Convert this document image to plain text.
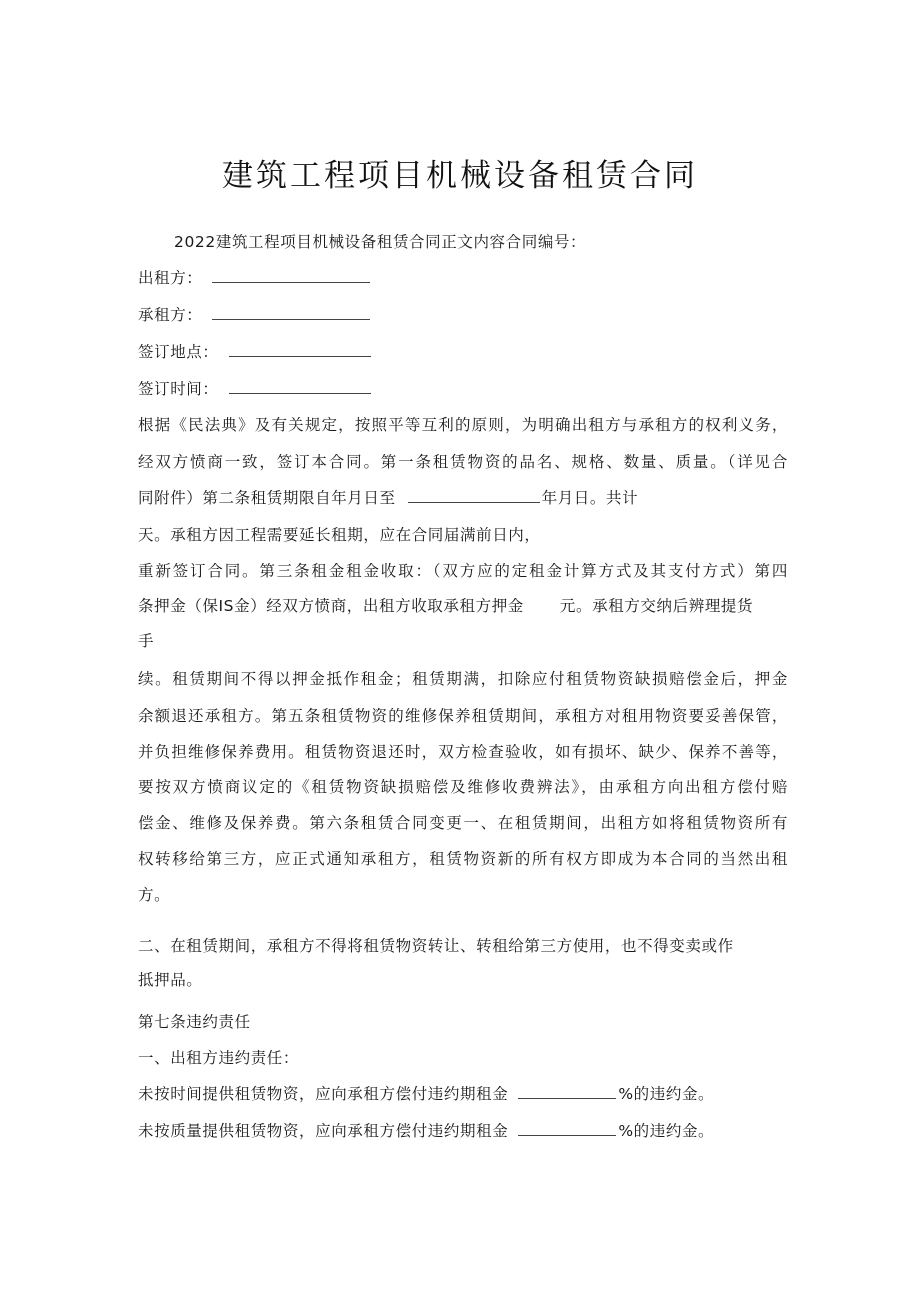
建筑工程项目机械设备租赁合同
2022建筑工程项目机械设备租赁合同正文内容合同编号：
出租方：
承租方：
签订地点：
签订时间：
根据《民法典》及有关规定，按照平等互利的原则，为明确出租方与承租方的权利义务，
经双方愤商一致，签订本合同。第一条租赁物资的品名、规格、数量、质量。（详见合
同附件）第二条租赁期限自年月日至	年月日。共计
天。承租方因工程需要延长租期，应在合同届满前日内，
重新签订合同。第三条租金租金收取：（双方应的定租金计算方式及其支付方式）第四
条押金（保IS金）经双方愤商，出租方收取承租方押金 元。承租方交纳后辨理提货
手
续。租赁期间不得以押金抵作租金；租赁期满，扣除应付租赁物资缺损赔偿金后，押金
余额退还承租方。第五条租赁物资的维修保养租赁期间，承租方对租用物资要妥善保管，
并负担维修保养费用。租赁物资退还时，双方检查验收，如有损坏、缺少、保养不善等，
要按双方愤商议定的《租赁物资缺损赔偿及维修收费辨法》，由承租方向出租方偿付赔
偿金、维修及保养费。第六条租赁合同变更一、在租赁期间，出租方如将租赁物资所有
权转移给第三方，应正式通知承租方，租赁物资新的所有权方即成为本合同的当然出租
方。
二、在租赁期间，承租方不得将租赁物资转让、转租给第三方使用，也不得变卖或作
抵押品。
第七条违约责任
一、出租方违约责任：
未按时间提供租赁物资，应向承租方偿付违约期租金	%的违约金。
未按质量提供租赁物资，应向承租方偿付违约期租金	%的违约金。
